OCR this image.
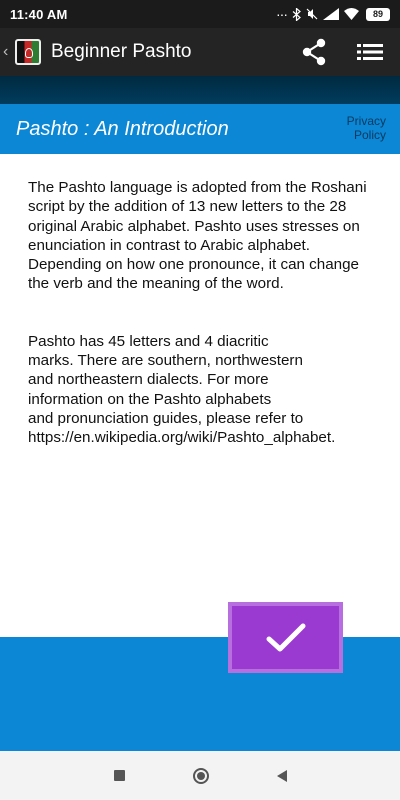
11:40 AM	···	89
‹ Beginner Pashto
Pashto : An Introduction	Privacy
Policy

The Pashto language is adopted from the Roshani script by the addition of 13 new letters to the 28 original Arabic alphabet. Pashto uses stresses on enunciation in contrast to Arabic alphabet. Depending on how one pronounce, it can change the verb and the meaning of the word.

Pashto has 45 letters and 4 diacritic
marks. There are southern, northwestern
and northeastern dialects. For more
information on the Pashto alphabets
and pronunciation guides, please refer to
https://en.wikipedia.org/wiki/Pashto_alphabet.
